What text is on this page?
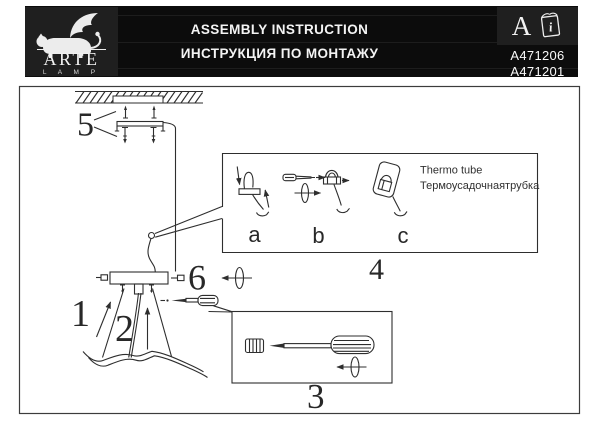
ARTE
L A M P
ASSEMBLY INSTRUCTION
ИНСТРУКЦИЯ ПО МОНТАЖУ
A i
A471206
A471201
5
6
1 2
3
a b	c
Thermo tube
Термоусадочнаятрубка
4
